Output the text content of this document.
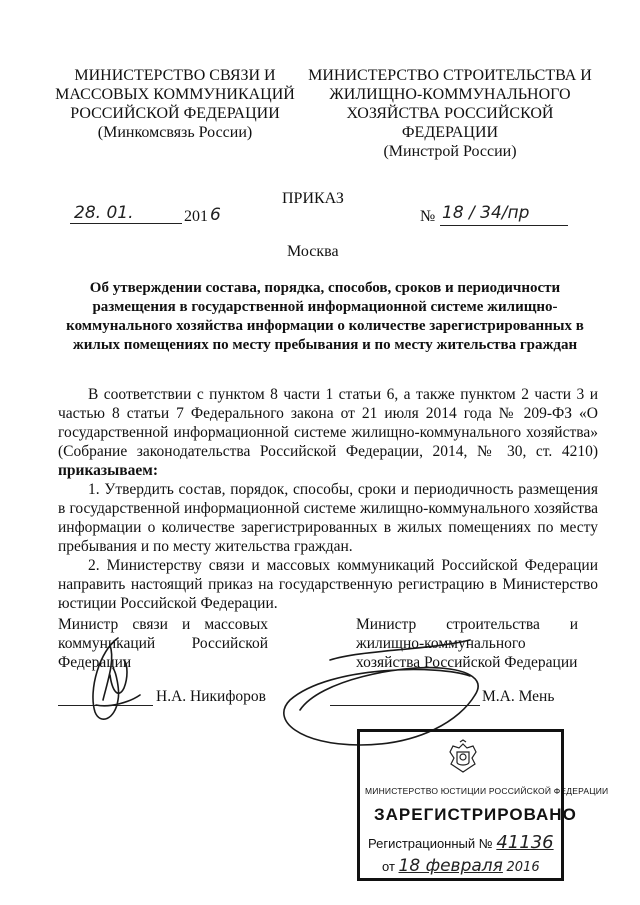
МИНИСТЕРСТВО СВЯЗИ И
МАССОВЫХ КОММУНИКАЦИЙ
РОССИЙСКОЙ ФЕДЕРАЦИИ
(Минкомсвязь России)
МИНИСТЕРСТВО СТРОИТЕЛЬСТВА И
ЖИЛИЩНО-КОММУНАЛЬНОГО
ХОЗЯЙСТВА РОССИЙСКОЙ
ФЕДЕРАЦИИ
(Минстрой России)
ПРИКАЗ
28. 01.	201 6	№ 18 / 34/пр
Москва
Об утверждении состава, порядка, способов, сроков и периодичности
размещения в государственной информационной системе жилищно-
коммунального хозяйства информации о количестве зарегистрированных в
жилых помещениях по месту пребывания и по месту жительства граждан

В соответствии с пунктом 8 части 1 статьи 6, а также пунктом 2 части 3 и частью 8 статьи 7 Федерального закона от 21 июля 2014 года № 209-ФЗ «О государственной информационной системе жилищно-коммунального хозяйства» (Собрание законодательства Российской Федерации, 2014, № 30, ст. 4210) приказываем:

1. Утвердить состав, порядок, способы, сроки и периодичность размещения в государственной информационной системе жилищно-коммунального хозяйства информации о количестве зарегистрированных в жилых помещениях по месту пребывания и по месту жительства граждан.

2. Министерству связи и массовых коммуникаций Российской Федерации направить настоящий приказ на государственную регистрацию в Министерство юстиции Российской Федерации.

Министр связи и массовых коммуникаций Российской Федерации
Н.А. Никифоров
Министр строительства и
жилищно-коммунального
хозяйства Российской Федерации
М.А. Мень
МИНИСТЕРСТВО ЮСТИЦИИ РОССИЙСКОЙ ФЕДЕРАЦИИ
ЗАРЕГИСТРИРОВАНО
Регистрационный № 41136
от 18 февраля 2016
